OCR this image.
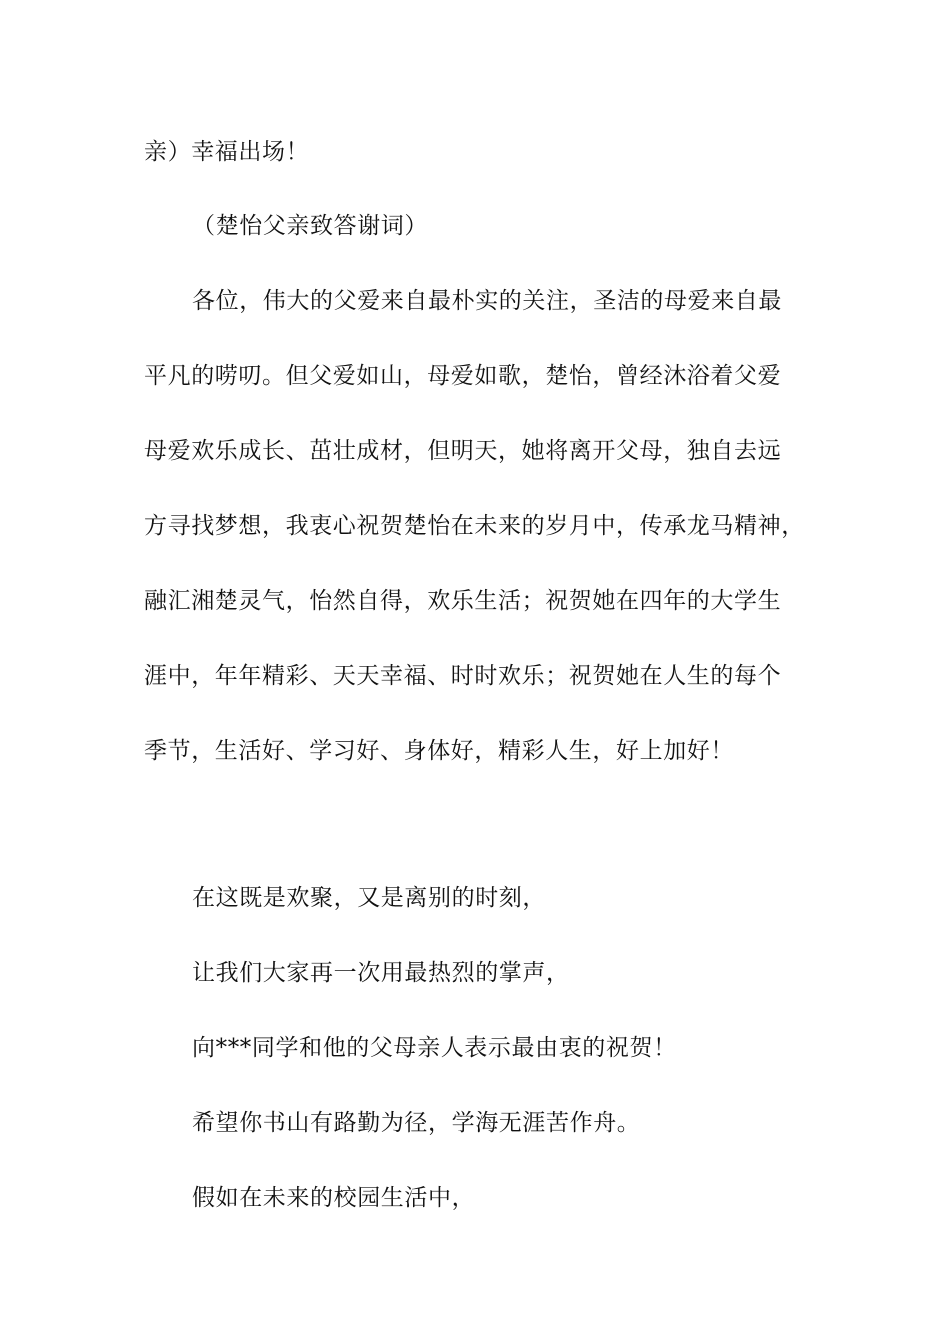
亲）幸福出场！
（楚怡父亲致答谢词）
各位，伟大的父爱来自最朴实的关注，圣洁的母爱来自最
平凡的唠叨。但父爱如山，母爱如歌，楚怡，曾经沐浴着父爱
母爱欢乐成长、茁壮成材，但明天，她将离开父母，独自去远
方寻找梦想，我衷心祝贺楚怡在未来的岁月中，传承龙马精神，
融汇湘楚灵气，怡然自得，欢乐生活；祝贺她在四年的大学生
涯中，年年精彩、天天幸福、时时欢乐；祝贺她在人生的每个
季节，生活好、学习好、身体好，精彩人生，好上加好！
在这既是欢聚，又是离别的时刻，
让我们大家再一次用最热烈的掌声，
向***同学和他的父母亲人表示最由衷的祝贺！
希望你书山有路勤为径，学海无涯苦作舟。
假如在未来的校园生活中，
